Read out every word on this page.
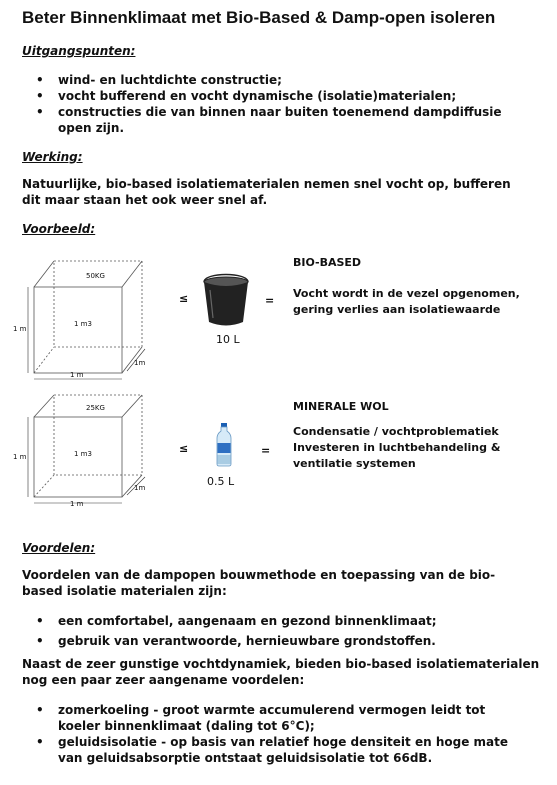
Beter Binnenklimaat met Bio-Based & Damp-open isoleren
Uitgangspunten:
• wind- en luchtdichte constructie;
• vocht bufferend en vocht dynamische (isolatie)materialen;
• constructies die van binnen naar buiten toenemend dampdiffusie open zijn.
Werking:
Natuurlijke, bio-based isolatiematerialen nemen snel vocht op, bufferen dit maar staan het ook weer snel af.
Voorbeeld:
50KG
1 m3
1 m
1 m
1m
≤	=
10 L
BIO-BASED
Vocht wordt in de vezel opgenomen, gering verlies aan isolatiewaarde
25KG
1 m3
1 m
1 m
1m
≤	=
0.5 L
MINERALE WOL
Condensatie / vochtproblematiek Investeren in luchtbehandeling & ventilatie systemen
Voordelen:
Voordelen van de dampopen bouwmethode en toepassing van de bio-based isolatie materialen zijn:
• een comfortabel, aangenaam en gezond binnenklimaat;
• gebruik van verantwoorde, hernieuwbare grondstoffen.
Naast de zeer gunstige vochtdynamiek, bieden bio-based isolatiematerialen nog een paar zeer aangename voordelen:
• zomerkoeling - groot warmte accumulerend vermogen leidt tot koeler binnenklimaat (daling tot 6°C);
• geluidsisolatie - op basis van relatief hoge densiteit en hoge mate van geluidsabsorptie ontstaat geluidsisolatie tot 66dB.
